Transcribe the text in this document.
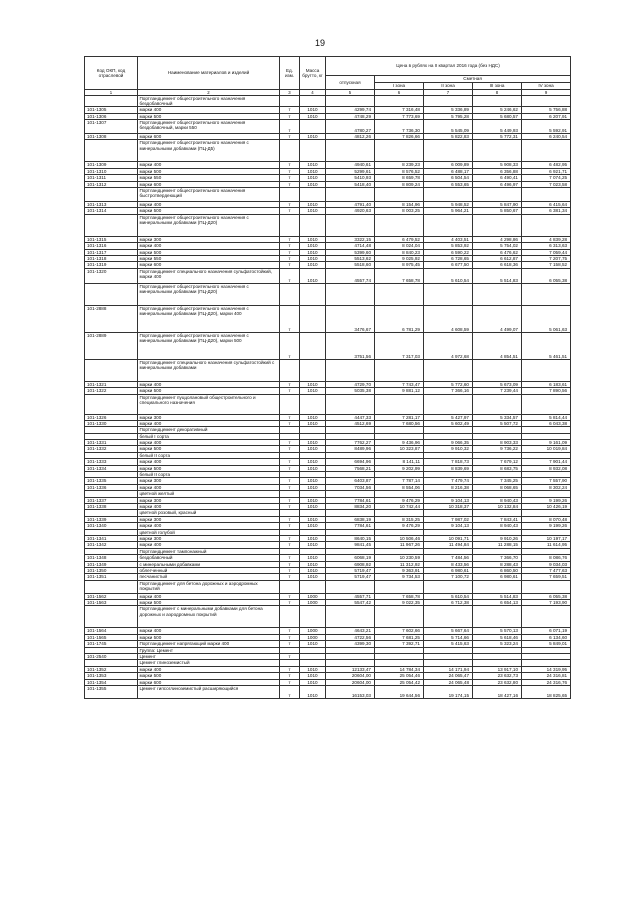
19
Код ОКП, код отраслевой	Наименование материалов и изделий	Ед. изм.	Масса брутто, кг	Цена в рублях на II квартал 2016 года (без НДС)				
				отпускная	Сметная			
					I зона	II зона	III зона	IV зона
1	2	3	4	5	6	7	8	9
	Портландцемент общестроительного назначения бездобавочный							
101-1305	марки 400	т	1010	4299,74	7 316,48	5 336,89	5 246,62	5 756,88
101-1306	марки 500	т	1010	4748,29	7 773,69	5 795,28	5 680,57	6 207,91
101-1307	Портландцемент общестроительного назначения бездобавочный, марки 550	т		4780,27	7 736,30	5 545,09	5 449,93	5 592,91
101-1308	марки 600	т	1010	4812,26	7 826,66	5 822,83	5 772,31	6 240,54
	Портландцемент общестроительного назначения с минеральными добавками (ПЦ-Д5)							
101-1309	марки 400	т	1010	4940,61	8 239,23	6 009,89	5 908,33	6 482,95
101-1310	марки 500	т	1010	5299,61	8 576,52	6 488,17	6 356,88	6 921,71
101-1311	марки 550	т	1010	5410,93	8 659,78	6 504,54	6 490,41	7 074,25
101-1312	марки 600	т	1010	5418,40	8 809,24	6 553,65	6 496,97	7 023,58
	Портландцемент общестроительного назначения быстротвердеющий							
101-1313	марки 400	т	1010	4791,40	8 154,96	5 948,52	5 847,90	6 415,64
101-1314	марки 500	т	1010	4920,63	8 003,25	5 964,21	5 850,67	6 381,34
	Портландцемент общестроительного назначения с минеральными добавками (ПЦ-Д20)							
101-1315	марки 300	т	1010	3322,15	6 479,52	4 403,51	4 298,86	4 839,28
101-1316	марки 400	т	1010	4714,48	8 024,04	5 853,92	5 754,02	6 313,63
101-1317	марки 500	т	1010	5399,60	8 840,23	6 590,22	6 476,62	7 059,44
101-1318	марки 550	т	1010	5513,62	9 025,92	6 728,65	6 612,87	7 207,75
101-1319	марки 600	т	1010	5518,60	8 975,45	6 677,50	6 618,36	7 158,52
101-1320	Портландцемент специального назначения сульфатостойкий, марки 400	т	1010	4557,74	7 658,78	5 610,54	5 514,83	6 055,38
	Портландцемент общестроительного назначения с минеральными добавками (ПЦ-Д20)							
101-2888	Портландцемент общестроительного назначения с минеральными добавками (ПЦ-Д20), марки 400	т		3476,67	6 781,29	4 608,59	4 499,07	5 061,63
101-2889	Портландцемент общестроительного назначения с минеральными добавками (ПЦ-Д20), марки 500	т		3751,56	7 317,03	4 972,68	4 854,51	5 461,51
	Портландцемент специального назначения сульфатостойкий с минеральными добавками							
101-1321	марки 400	т	1010	4729,70	7 743,47	5 772,60	5 673,09	6 183,61
101-1322	марки 500	т	1010	5035,38	9 881,12	7 366,16	7 239,44	7 890,56
	Портландцемент пуццолановый общестроительного и специального назначения							
101-1326	марки 300	т	1010	4447,33	7 281,17	5 427,97	5 334,57	5 814,44
101-1330	марки 400	т	1010	4512,69	7 680,56	5 602,49	5 507,72	6 043,38
	Портландцемент декоративный							
	белый I сорта							
101-1331	марки 400	т	1010	7762,27	9 436,96	9 066,35	8 903,33	9 161,09
101-1332	марки 500	т	1010	8489,96	10 323,87	9 910,32	9 736,22	10 019,84
	белый II сорта							
101-1333	марки 400	т	1010	6694,96	8 141,11	7 818,73	7 679,12	7 901,44
101-1334	марки 500	т	1010	7568,21	9 202,99	8 839,69	8 683,75	8 932,08
	белый II сорта							
101-1335	марки 300	т	1010	6403,87	7 787,14	7 479,74	7 345,25	7 557,90
101-1336	марки 400	т	1010	7034,56	8 554,06	8 216,38	8 068,65	8 302,24
	цветной желтый							
101-1337	марки 300	т	1010	7784,61	9 476,29	9 104,13	8 940,43	9 199,26
101-1338	марки 400	т	1010	8834,20	10 742,44	10 318,37	10 132,84	10 426,19
	цветной розовый, красный							
101-1339	марки 300	т	1010	6838,19	8 315,25	7 987,02	7 843,41	8 070,48
101-1340	марки 400	т	1010	7784,61	9 476,29	9 104,13	8 940,43	9 199,26
	цветной голубой							
101-1341	марки 300	т	1010	8640,15	10 506,46	10 091,71	9 910,26	10 197,17
101-1342	марки 400	т	1010	9841,45	11 967,26	11 494,84	11 288,15	11 614,95
	Портландцемент тампонажный							
101-1348	бездобавочный	т	1010	6068,19	10 230,59	7 484,56	7 366,70	8 086,76
101-1349	с минеральными добавками	т	1010	6908,92	11 312,92	8 433,56	8 288,43	9 034,03
101-1350	облегченный	т	1010	5719,47	9 363,91	6 980,61	6 860,50	7 477,63
101-1351	песчанистый	т	1010	5719,47	9 734,53	7 100,72	6 980,61	7 659,51
	Портландцемент для бетона дорожных и аэродромных покрытий							
101-1562	марки 400	т	1000	4557,71	7 658,78	5 610,54	5 514,83	6 055,38
101-1563	марки 500	т	1000	5547,42	9 022,35	6 712,38	6 654,13	7 193,90
	Портландцемент с минеральными добавками для бетона дорожных и аэродромных покрытий							
101-1564	марки 400	т	1000	4643,21	7 602,66	5 667,64	5 570,13	6 071,19
101-1565	марки 500	т	1000	4722,56	7 681,25	5 714,66	5 618,46	6 134,60
101-1745	Портландцемент напрягающий марки 400	т	1010	4399,30	7 392,71	5 415,63	5 323,24	5 849,01
	Группа: Цемент							
101-2540	Цемент	т						
	Цемент глиноземистый							
101-1352	марки 400	т	1010	12133,47	14 784,34	14 171,94	13 917,10	14 319,95
101-1353	марки 500	т	1010	20604,00	25 054,46	24 065,47	23 632,73	24 316,81
101-1354	марки 600	т	1010	20604,00	25 054,42	24 065,48	23 632,80	24 316,76
101-1355	Цемент гипсоглиноземистый расширяющийся	т	1010	16153,03	19 644,56	19 174,15	18 427,16	18 825,65
